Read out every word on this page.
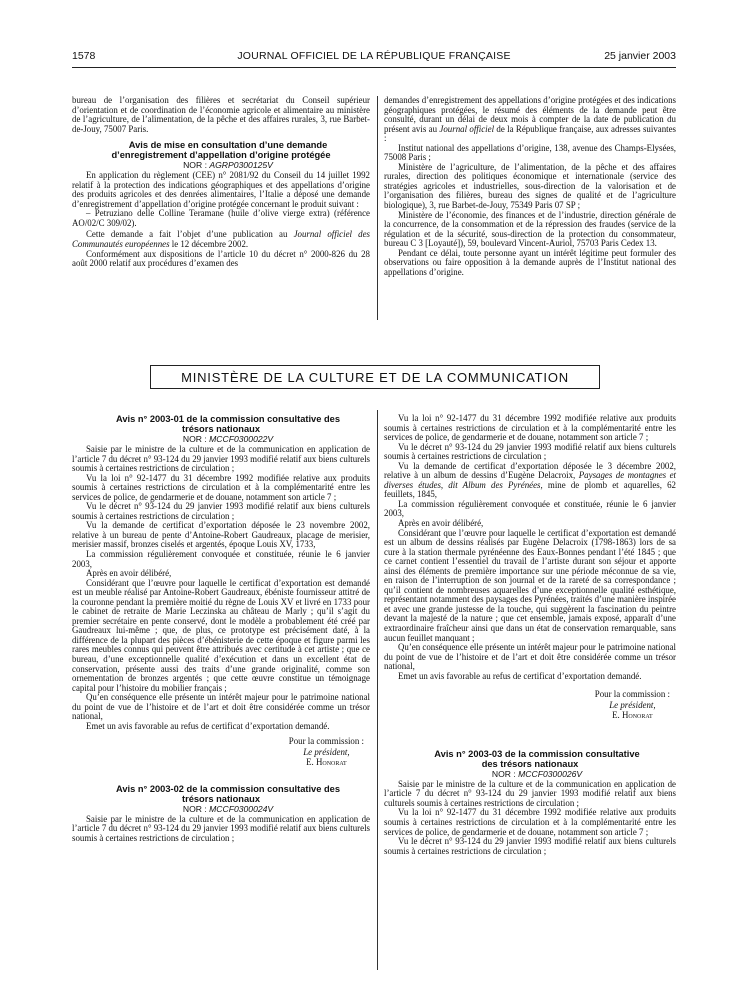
1578	JOURNAL OFFICIEL DE LA RÉPUBLIQUE FRANÇAISE	25 janvier 2003

bureau de l’organisation des filières et secrétariat du Conseil supérieur d’orientation et de coordination de l’économie agricole et alimentaire au ministère de l’agriculture, de l’alimentation, de la pêche et des affaires rurales, 3, rue Barbet-de-Jouy, 75007 Paris.

Avis de mise en consultation d’une demande d’enregistrement d’appellation d’origine protégée

NOR : AGRP0300125V

En application du règlement (CEE) n° 2081/92 du Conseil du 14 juillet 1992 relatif à la protection des indications géographiques et des appellations d’origine des produits agricoles et des denrées alimentaires, l’Italie a déposé une demande d’enregistrement d’appellation d’origine protégée concernant le produit suivant :

– Petruziano delle Colline Teramane (huile d’olive vierge extra) (référence AO/02/C 309/02).

Cette demande a fait l’objet d’une publication au Journal officiel des Communautés européennes le 12 décembre 2002.

Conformément aux dispositions de l’article 10 du décret n° 2000-826 du 28 août 2000 relatif aux procédures d’examen des

demandes d’enregistrement des appellations d’origine protégées et des indications géographiques protégées, le résumé des éléments de la demande peut être consulté, durant un délai de deux mois à compter de la date de publication du présent avis au Journal officiel de la République française, aux adresses suivantes :

Institut national des appellations d’origine, 138, avenue des Champs-Elysées, 75008 Paris ;

Ministère de l’agriculture, de l’alimentation, de la pêche et des affaires rurales, direction des politiques économique et internationale (service des stratégies agricoles et industrielles, sous-direction de la valorisation et de l’organisation des filières, bureau des signes de qualité et de l’agriculture biologique), 3, rue Barbet-de-Jouy, 75349 Paris 07 SP ;

Ministère de l’économie, des finances et de l’industrie, direction générale de la concurrence, de la consommation et de la répression des fraudes (service de la régulation et de la sécurité, sous-direction de la protection du consommateur, bureau C 3 [Loyauté]), 59, boulevard Vincent-Auriol, 75703 Paris Cedex 13.

Pendant ce délai, toute personne ayant un intérêt légitime peut formuler des observations ou faire opposition à la demande auprès de l’Institut national des appellations d’origine.

MINISTÈRE DE LA CULTURE ET DE LA COMMUNICATION

Avis n° 2003-01 de la commission consultative des trésors nationaux

NOR : MCCF0300022V

Saisie par le ministre de la culture et de la communication en application de l’article 7 du décret n° 93-124 du 29 janvier 1993 modifié relatif aux biens culturels soumis à certaines restrictions de circulation ;

Vu la loi n° 92-1477 du 31 décembre 1992 modifiée relative aux produits soumis à certaines restrictions de circulation et à la complémentarité entre les services de police, de gendarmerie et de douane, notamment son article 7 ;

Vu le décret n° 93-124 du 29 janvier 1993 modifié relatif aux biens culturels soumis à certaines restrictions de circulation ;

Vu la demande de certificat d’exportation déposée le 23 novembre 2002, relative à un bureau de pente d’Antoine-Robert Gaudreaux, placage de merisier, merisier massif, bronzes ciselés et argentés, époque Louis XV, 1733,

La commission régulièrement convoquée et constituée, réunie le 6 janvier 2003,

Après en avoir délibéré,

Considérant que l’œuvre pour laquelle le certificat d’exportation est demandé est un meuble réalisé par Antoine-Robert Gaudreaux, ébéniste fournisseur attitré de la couronne pendant la première moitié du règne de Louis XV et livré en 1733 pour le cabinet de retraite de Marie Leczinska au château de Marly ; qu’il s’agit du premier secrétaire en pente conservé, dont le modèle a probablement été créé par Gaudreaux lui-même ; que, de plus, ce prototype est précisément daté, à la différence de la plupart des pièces d’ébénisterie de cette époque et figure parmi les rares meubles connus qui peuvent être attribués avec certitude à cet artiste ; que ce bureau, d’une exceptionnelle qualité d’exécution et dans un excellent état de conservation, présente aussi des traits d’une grande originalité, comme son ornementation de bronzes argentés ; que cette œuvre constitue un témoignage capital pour l’histoire du mobilier français ;

Qu’en conséquence elle présente un intérêt majeur pour le patrimoine national du point de vue de l’histoire et de l’art et doit être considérée comme un trésor national,

Emet un avis favorable au refus de certificat d’exportation demandé.

Pour la commission :
Le président,
E. Honorat

Avis n° 2003-02 de la commission consultative des trésors nationaux

NOR : MCCF0300024V

Saisie par le ministre de la culture et de la communication en application de l’article 7 du décret n° 93-124 du 29 janvier 1993 modifié relatif aux biens culturels soumis à certaines restrictions de circulation ;

Vu la loi n° 92-1477 du 31 décembre 1992 modifiée relative aux produits soumis à certaines restrictions de circulation et à la complémentarité entre les services de police, de gendarmerie et de douane, notamment son article 7 ;

Vu le décret n° 93-124 du 29 janvier 1993 modifié relatif aux biens culturels soumis à certaines restrictions de circulation ;

Vu la demande de certificat d’exportation déposée le 3 décembre 2002, relative à un album de dessins d’Eugène Delacroix, Paysages de montagnes et diverses études, dit Album des Pyrénées, mine de plomb et aquarelles, 62 feuillets, 1845,

La commission régulièrement convoquée et constituée, réunie le 6 janvier 2003,

Après en avoir délibéré,

Considérant que l’œuvre pour laquelle le certificat d’exportation est demandé est un album de dessins réalisés par Eugène Delacroix (1798-1863) lors de sa cure à la station thermale pyrénéenne des Eaux-Bonnes pendant l’été 1845 ; que ce carnet contient l’essentiel du travail de l’artiste durant son séjour et apporte ainsi des éléments de première importance sur une période méconnue de sa vie, en raison de l’interruption de son journal et de la rareté de sa correspondance ; qu’il contient de nombreuses aquarelles d’une exceptionnelle qualité esthétique, représentant notamment des paysages des Pyrénées, traités d’une manière inspirée et avec une grande justesse de la touche, qui suggèrent la fascination du peintre devant la majesté de la nature ; que cet ensemble, jamais exposé, apparaît d’une extraordinaire fraîcheur ainsi que dans un état de conservation remarquable, sans aucun feuillet manquant ;

Qu’en conséquence elle présente un intérêt majeur pour le patrimoine national du point de vue de l’histoire et de l’art et doit être considérée comme un trésor national,

Emet un avis favorable au refus de certificat d’exportation demandé.

Pour la commission :
Le président,
E. Honorat

Avis n° 2003-03 de la commission consultative des trésors nationaux

NOR : MCCF0300026V

Saisie par le ministre de la culture et de la communication en application de l’article 7 du décret n° 93-124 du 29 janvier 1993 modifié relatif aux biens culturels soumis à certaines restrictions de circulation ;

Vu la loi n° 92-1477 du 31 décembre 1992 modifiée relative aux produits soumis à certaines restrictions de circulation et à la complémentarité entre les services de police, de gendarmerie et de douane, notamment son article 7 ;

Vu le décret n° 93-124 du 29 janvier 1993 modifié relatif aux biens culturels soumis à certaines restrictions de circulation ;
